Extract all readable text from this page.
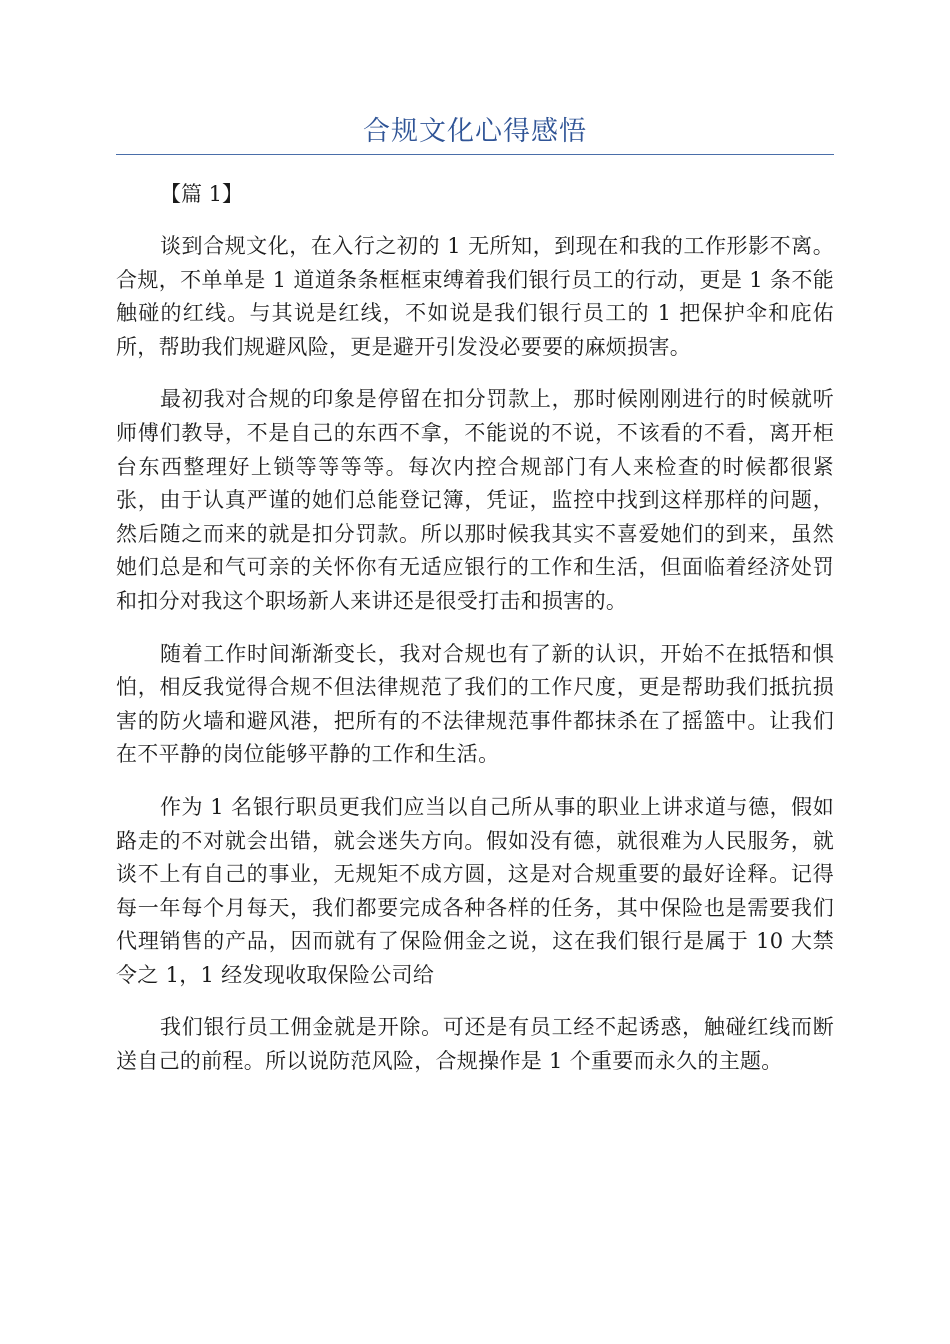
合规文化心得感悟

【篇 1】

谈到合规文化，在入行之初的 1 无所知，到现在和我的工作形影不离。合规，不单单是 1 道道条条框框束缚着我们银行员工的行动，更是 1 条不能触碰的红线。与其说是红线，不如说是我们银行员工的 1 把保护伞和庇佑所，帮助我们规避风险，更是避开引发没必要要的麻烦损害。

最初我对合规的印象是停留在扣分罚款上，那时候刚刚进行的时候就听师傅们教导，不是自己的东西不拿，不能说的不说，不该看的不看，离开柜台东西整理好上锁等等等等。每次内控合规部门有人来检查的时候都很紧张，由于认真严谨的她们总能登记簿，凭证，监控中找到这样那样的问题，然后随之而来的就是扣分罚款。所以那时候我其实不喜爱她们的到来，虽然她们总是和气可亲的关怀你有无适应银行的工作和生活，但面临着经济处罚和扣分对我这个职场新人来讲还是很受打击和损害的。

随着工作时间渐渐变长，我对合规也有了新的认识，开始不在抵牾和惧怕，相反我觉得合规不但法律规范了我们的工作尺度，更是帮助我们抵抗损害的防火墙和避风港，把所有的不法律规范事件都抹杀在了摇篮中。让我们在不平静的岗位能够平静的工作和生活。

作为 1 名银行职员更我们应当以自己所从事的职业上讲求道与德，假如路走的不对就会出错，就会迷失方向。假如没有德，就很难为人民服务，就谈不上有自己的事业，无规矩不成方圆，这是对合规重要的最好诠释。记得每一年每个月每天，我们都要完成各种各样的任务，其中保险也是需要我们代理销售的产品，因而就有了保险佣金之说，这在我们银行是属于 10 大禁令之 1，1 经发现收取保险公司给

我们银行员工佣金就是开除。可还是有员工经不起诱惑，触碰红线而断送自己的前程。所以说防范风险，合规操作是 1 个重要而永久的主题。
